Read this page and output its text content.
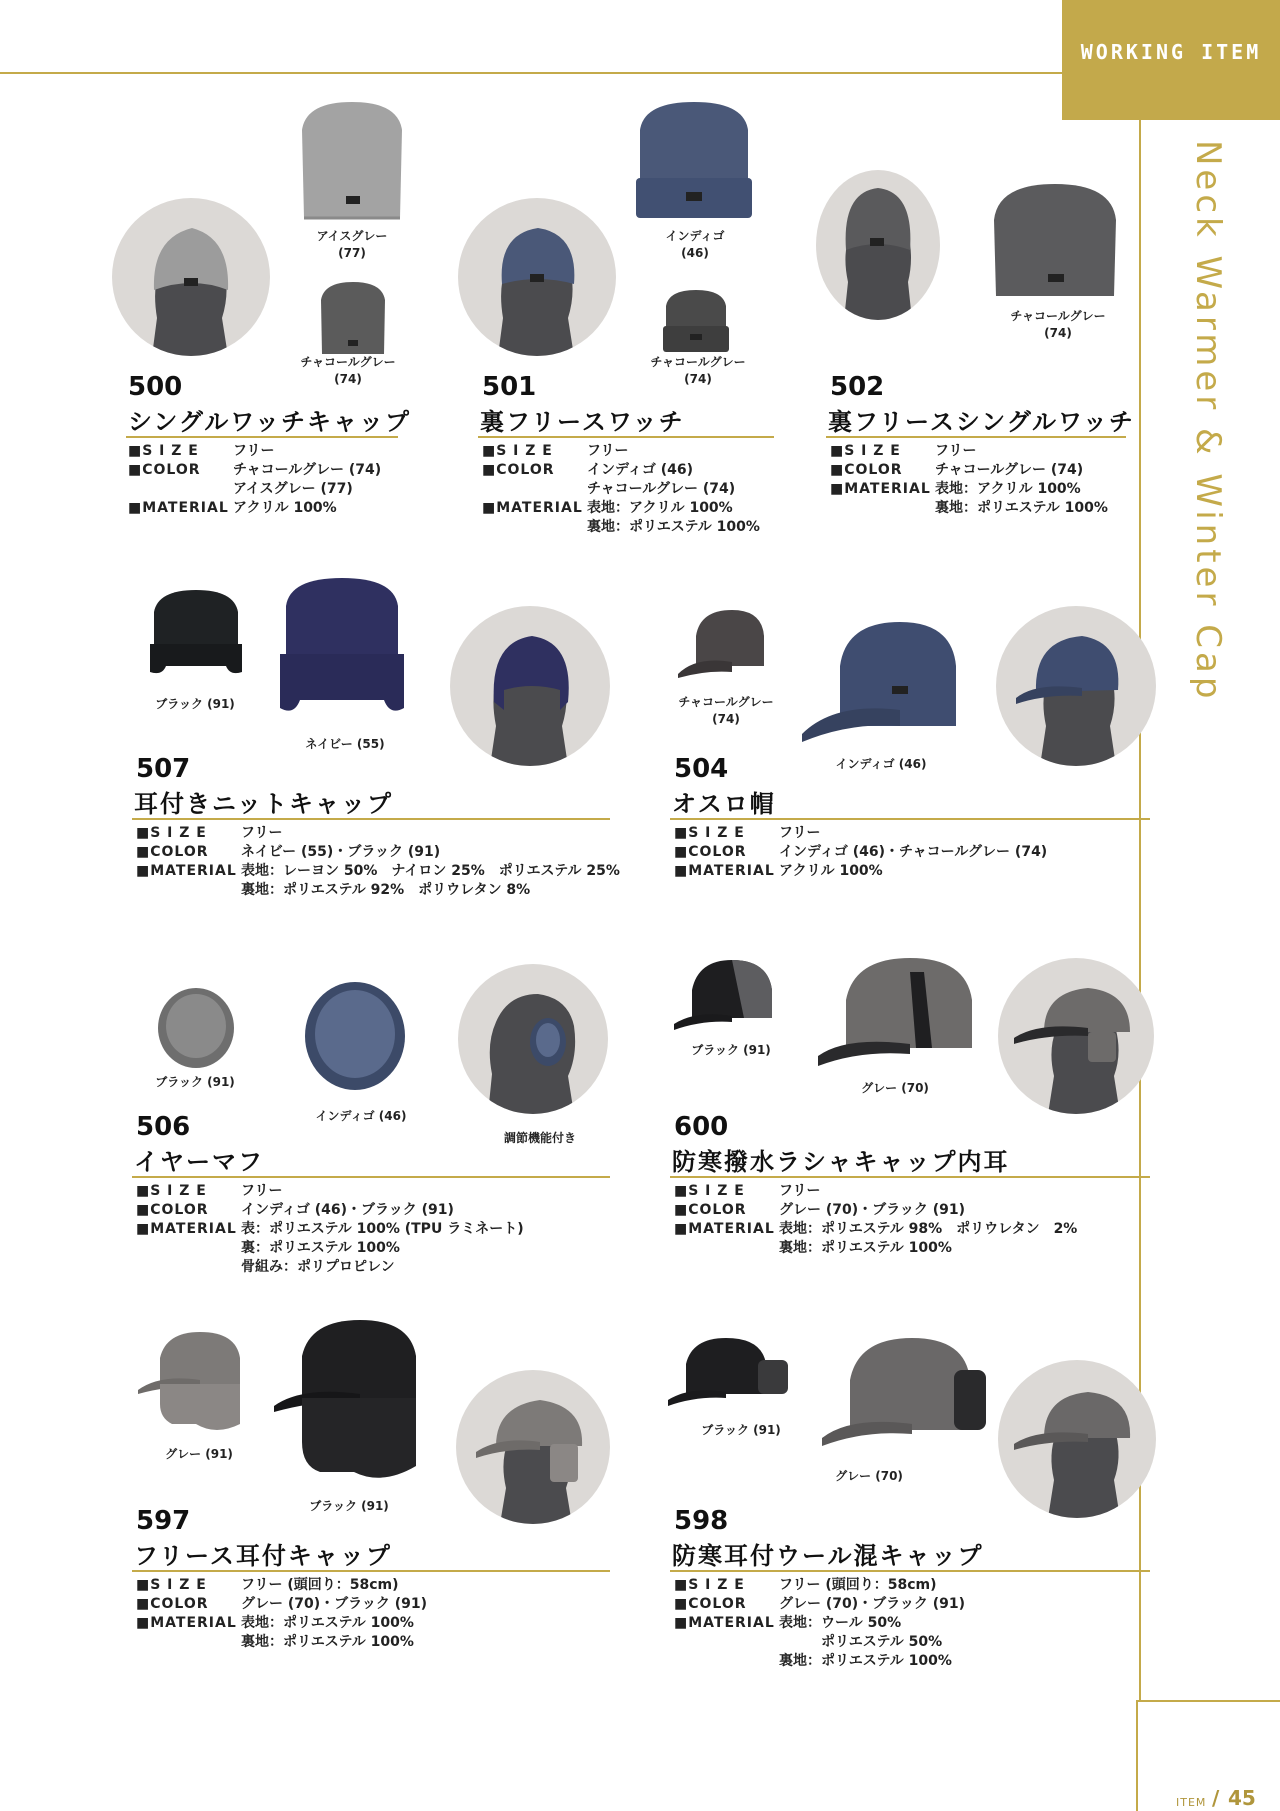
WORKING ITEM
Neck Warmer & Winter Cap
アイスグレー
(77)
チャコールグレー
(74)
500
シングルワッチキャップ
■S I Z E	フリー
■COLOR	チャコールグレー (74)
アイスグレー (77)
■MATERIAL アクリル 100%
インディゴ
(46)
チャコールグレー
(74)
501
裏フリースワッチ
■S I Z E	フリー
■COLOR	インディゴ (46)
チャコールグレー (74)
■MATERIAL 表地：アクリル 100%
裏地：ポリエステル 100%
チャコールグレー
(74)
502
裏フリースシングルワッチ
■S I Z E	フリー
■COLOR	チャコールグレー (74)
■MATERIAL 表地：アクリル 100%
裏地：ポリエステル 100%
ブラック (91)
ネイビー (55)
507
耳付きニットキャップ
■S I Z E	フリー
■COLOR	ネイビー (55)・ブラック (91)
■MATERIAL 表地：レーヨン 50%　ナイロン 25%　ポリエステル 25%
裏地：ポリエステル 92%　ポリウレタン 8%
チャコールグレー
(74)
インディゴ (46)
504
オスロ帽
■S I Z E	フリー
■COLOR	インディゴ (46)・チャコールグレー (74)
■MATERIAL アクリル 100%
ブラック (91)
インディゴ (46)
調節機能付き
506
イヤーマフ
■S I Z E	フリー
■COLOR	インディゴ (46)・ブラック (91)
■MATERIAL 表：ポリエステル 100% (TPU ラミネート)
裏：ポリエステル 100%
骨組み：ポリプロピレン
ブラック (91)
グレー (70)
600
防寒撥水ラシャキャップ内耳
■S I Z E	フリー
■COLOR	グレー (70)・ブラック (91)
■MATERIAL 表地：ポリエステル 98%　ポリウレタン　2%
裏地：ポリエステル 100%
グレー (91)
ブラック (91)
597
フリース耳付キャップ
■S I Z E	フリー (頭回り：58cm)
■COLOR	グレー (70)・ブラック (91)
■MATERIAL 表地：ポリエステル 100%
裏地：ポリエステル 100%
ブラック (91)
グレー (70)
598
防寒耳付ウール混キャップ
■S I Z E	フリー (頭回り：58cm)
■COLOR	グレー (70)・ブラック (91)
■MATERIAL 表地：ウール 50%
　　　ポリエステル 50%
裏地：ポリエステル 100%
ITEM / 45
